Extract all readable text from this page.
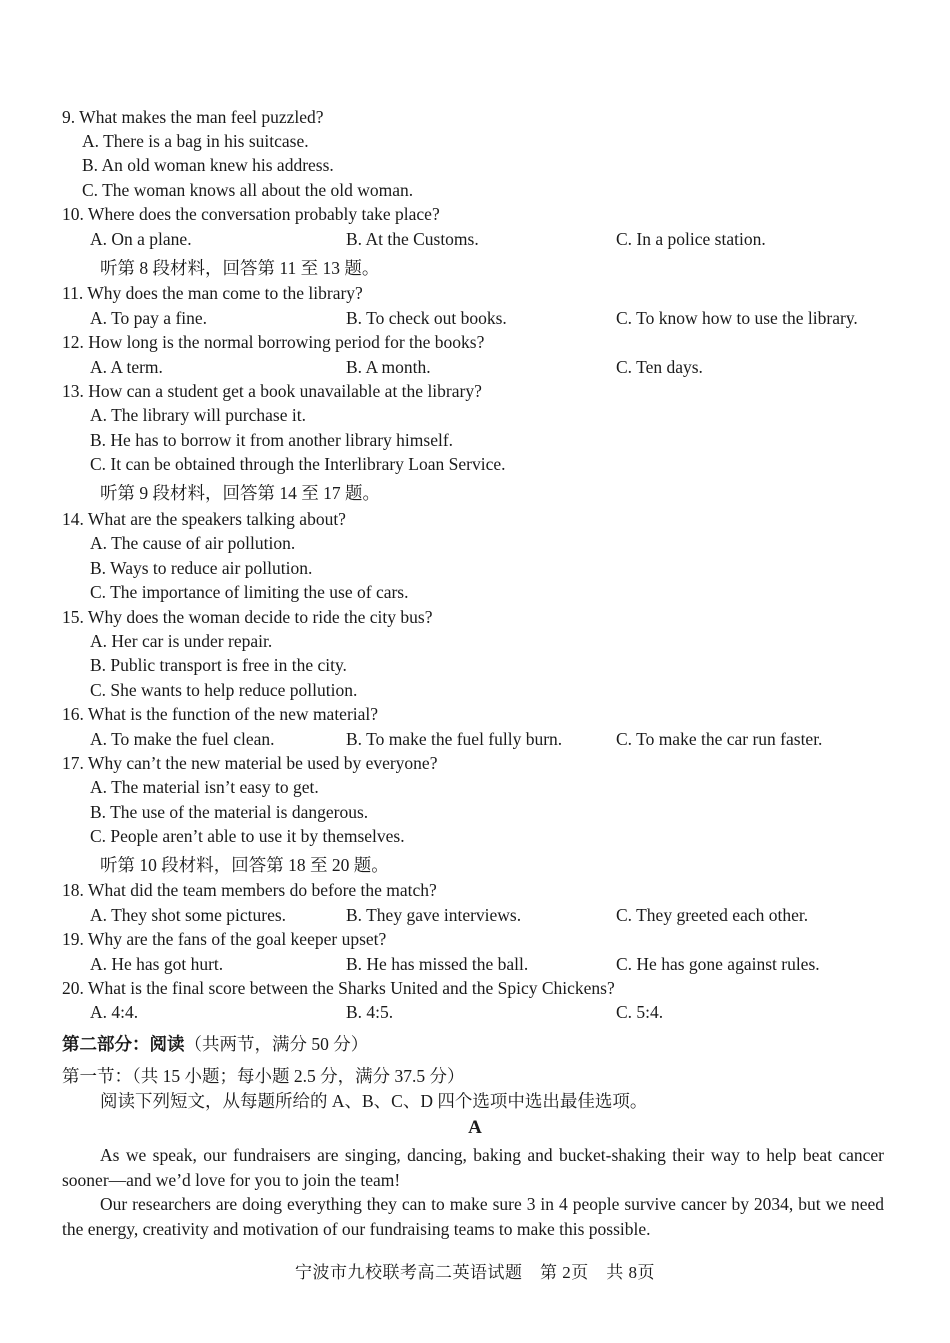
9. What makes the man feel puzzled?
A. There is a bag in his suitcase.
B. An old woman knew his address.
C. The woman knows all about the old woman.
10. Where does the conversation probably take place?
A. On a plane.	B. At the Customs.	C. In a police station.
听第 8 段材料，回答第 11 至 13 题。
11. Why does the man come to the library?
A. To pay a fine.	B. To check out books.	C. To know how to use the library.
12. How long is the normal borrowing period for the books?
A. A term.	B. A month.	C. Ten days.
13. How can a student get a book unavailable at the library?
A. The library will purchase it.
B. He has to borrow it from another library himself.
C. It can be obtained through the Interlibrary Loan Service.
听第 9 段材料，回答第 14 至 17 题。
14. What are the speakers talking about?
A. The cause of air pollution.
B. Ways to reduce air pollution.
C. The importance of limiting the use of cars.
15. Why does the woman decide to ride the city bus?
A. Her car is under repair.
B. Public transport is free in the city.
C. She wants to help reduce pollution.
16. What is the function of the new material?
A. To make the fuel clean.	B. To make the fuel fully burn.	C. To make the car run faster.
17. Why can’t the new material be used by everyone?
A. The material isn’t easy to get.
B. The use of the material is dangerous.
C. People aren’t able to use it by themselves.
听第 10 段材料，回答第 18 至 20 题。
18. What did the team members do before the match?
A. They shot some pictures.	B. They gave interviews.	C. They greeted each other.
19. Why are the fans of the goal keeper upset?
A. He has got hurt.	B. He has missed the ball.	C. He has gone against rules.
20. What is the final score between the Sharks United and the Spicy Chickens?
A. 4:4.	B. 4:5.	C. 5:4.
第二部分：阅读（共两节，满分 50 分）
第一节：（共 15 小题；每小题 2.5 分，满分 37.5 分）
阅读下列短文，从每题所给的 A、B、C、D 四个选项中选出最佳选项。
A
As we speak, our fundraisers are singing, dancing, baking and bucket-shaking their way to help beat cancer sooner—and we’d love for you to join the team!
Our researchers are doing everything they can to make sure 3 in 4 people survive cancer by 2034, but we need the energy, creativity and motivation of our fundraising teams to make this possible.
宁波市九校联考高二英语试题　第 2页　共 8页
